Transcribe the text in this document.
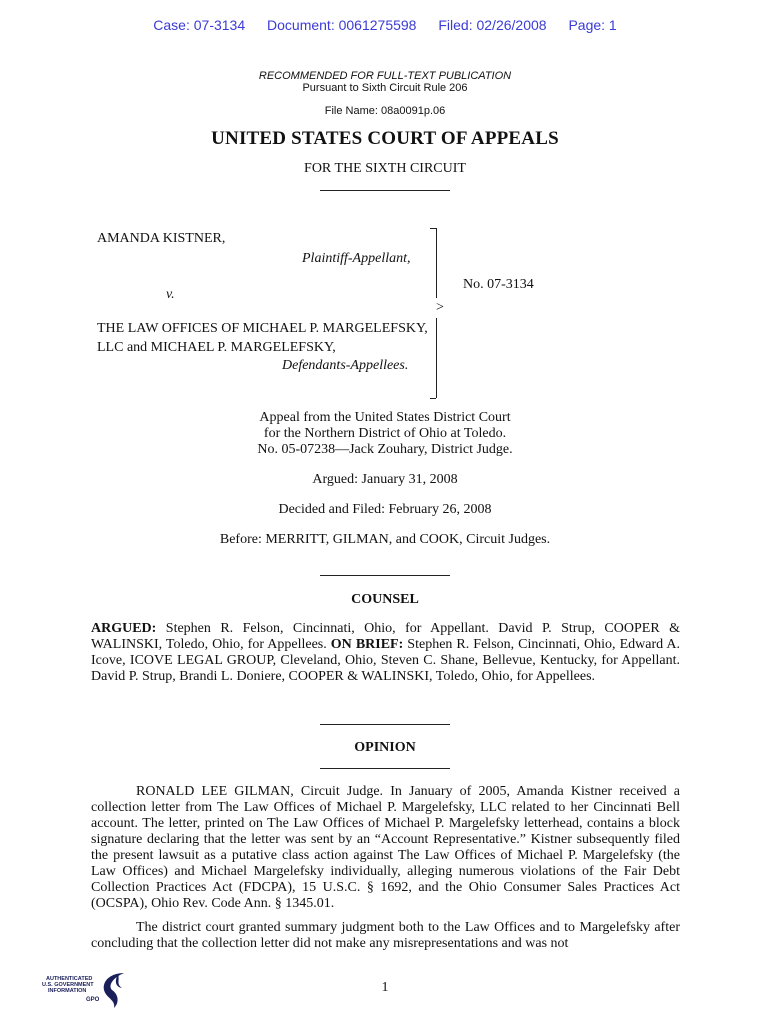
Case: 07-3134 Document: 0061275598 Filed: 02/26/2008 Page: 1
RECOMMENDED FOR FULL-TEXT PUBLICATION
Pursuant to Sixth Circuit Rule 206
File Name: 08a0091p.06
UNITED STATES COURT OF APPEALS
FOR THE SIXTH CIRCUIT
AMANDA KISTNER,
Plaintiff-Appellant,
v.
THE LAW OFFICES OF MICHAEL P. MARGELEFSKY,
LLC and MICHAEL P. MARGELEFSKY,
Defendants-Appellees.
>
No. 07-3134
Appeal from the United States District Court
for the Northern District of Ohio at Toledo.
No. 05-07238—Jack Zouhary, District Judge.
Argued: January 31, 2008
Decided and Filed: February 26, 2008
Before: MERRITT, GILMAN, and COOK, Circuit Judges.
COUNSEL
ARGUED: Stephen R. Felson, Cincinnati, Ohio, for Appellant. David P. Strup, COOPER & WALINSKI, Toledo, Ohio, for Appellees. ON BRIEF: Stephen R. Felson, Cincinnati, Ohio, Edward A. Icove, ICOVE LEGAL GROUP, Cleveland, Ohio, Steven C. Shane, Bellevue, Kentucky, for Appellant. David P. Strup, Brandi L. Doniere, COOPER & WALINSKI, Toledo, Ohio, for Appellees.
OPINION
RONALD LEE GILMAN, Circuit Judge. In January of 2005, Amanda Kistner received a collection letter from The Law Offices of Michael P. Margelefsky, LLC related to her Cincinnati Bell account. The letter, printed on The Law Offices of Michael P. Margelefsky letterhead, contains a block signature declaring that the letter was sent by an “Account Representative.” Kistner subsequently filed the present lawsuit as a putative class action against The Law Offices of Michael P. Margelefsky (the Law Offices) and Michael Margelefsky individually, alleging numerous violations of the Fair Debt Collection Practices Act (FDCPA), 15 U.S.C. § 1692, and the Ohio Consumer Sales Practices Act (OCSPA), Ohio Rev. Code Ann. § 1345.01.
The district court granted summary judgment both to the Law Offices and to Margelefsky after concluding that the collection letter did not make any misrepresentations and was not
AUTHENTICATED
U.S. GOVERNMENT
INFORMATION
GPO
1
